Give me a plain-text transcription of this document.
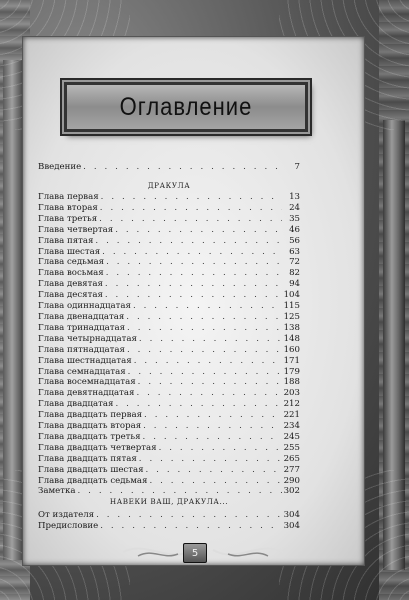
Оглавление
Введение . . .	7
ДРАКУЛА
Глава первая . . .	13
Глава вторая . . .	24
Глава третья . . .	35
Глава четвертая . . .	46
Глава пятая . . .	56
Глава шестая . . .	63
Глава седьмая . . .	72
Глава восьмая . . .	82
Глава девятая . . .	94
Глава десятая . . .	104
Глава одиннадцатая . . .	115
Глава двенадцатая . . .	125
Глава тринадцатая . . .	138
Глава четырнадцатая . . .	148
Глава пятнадцатая . . .	160
Глава шестнадцатая . . .	171
Глава семнадцатая . . .	179
Глава восемнадцатая . . .	188
Глава девятнадцатая . . .	203
Глава двадцатая . . .	212
Глава двадцать первая . . .	221
Глава двадцать вторая . . .	234
Глава двадцать третья . . .	245
Глава двадцать четвертая . . .	255
Глава двадцать пятая . . .	265
Глава двадцать шестая . . .	277
Глава двадцать седьмая . . .	290
Заметка . . .	302
НАВЕКИ ВАШ, ДРАКУЛА...
От издателя . . .	304
Предисловие . . .	304
5
